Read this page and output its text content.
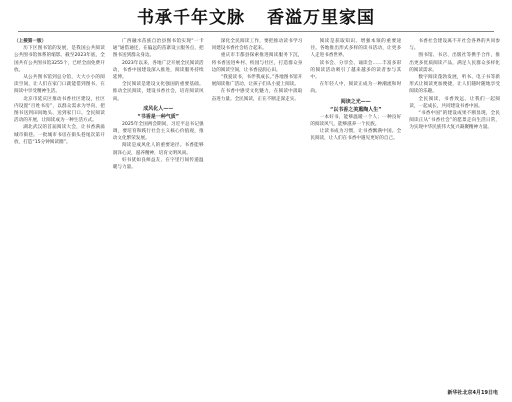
书承千年文脉 香溢万里家国

（上接第一版）

历下区图书馆的发展，是我国公共阅读公共图书馆体系的缩影。截至2023年底，全国共有公共图书馆3255个，已经全面免费开放。

从公共图书馆到总分馆，大大小小的阅读空间，让人们在家门口就能借到图书，在阅读中享受精神生活。

北京市延庆区推动书香社区建设，社区内设置“百姓书房”，以群众需求为导向，把图书送到田间地头、送到家门口。全民阅读活动的开展，让阅读成为一种生活方式。

湖北武汉的首届阅读大会，让书香满溢城市街巷。一批城市书房在街头巷尾次第开放，打造“15分钟阅读圈”。

广西融水苗族自治县图书馆实现“一卡通”通借通还，在偏远的苗寨设立服务点，把图书送到群众身边。

2023年以来，各地广泛开展全民阅读活动，书香中国建设深入推进，阅读服务持续延伸。

全民阅读是建设文化强国的重要基础。推动全民阅读，建设书香社会，培育阅读风尚。

成风化人——

“书香是一种气质”

2025年全国两会期间，习近平总书记强调，要培育和践行社会主义核心价值观，推动文化繁荣发展。

阅读是成风化人的重要途径。书香能够润泽心灵，滋养精神，培育文明风尚。

好书犹如良师益友，在字里行间传递温暖与力量。

深化全民阅读工作，要把推动读书学习同建设书香社会结合起来。

重庆市丰都县探索推进阅读服务下沉，将书香送进乡村、校园与社区，打造群众身边的阅读空间，让书香浸润心田。

“我爱读书，书伴我成长。”各地图书馆开展阅读推广活动，让孩子们从小爱上阅读。

在书香中感受文化魅力，在阅读中汲取奋进力量。全民阅读，正在不断走深走实。

阅读是获取知识、增强本领的重要途径。各地推出形式多样的读书活动，让更多人走进书香世界。

读书会、分享会、诵读会……丰富多彩的阅读活动吸引了越来越多的读者参与其中。

在年轻人中，阅读正成为一种潮流和时尚。

阅读之光——

“以书香之美熏陶人生”

一本好书，能够温暖一个人；一种良好的阅读风气，能够滋养一个民族。

让读书成为习惯，让书香飘满中国。全民阅读，让人们在书香中遇见更好的自己。

书香社会建设离不开社会各界的共同参与。

图书馆、书店、出版社等携手合作，推出更多优质阅读产品，满足人民群众多样化的阅读需求。

数字阅读蓬勃发展，听书、电子书等新形式让阅读更加便捷，让人们随时随地享受阅读的乐趣。

全民阅读，书香致远。让我们一起阅读，一起成长，共同建设书香中国。

“书香中国”的建设成果不断显现，全民阅读正从“书香社会”的愿景走向生活日常，为实现中华民族伟大复兴凝聚精神力量。

新华社北京4月19日电
